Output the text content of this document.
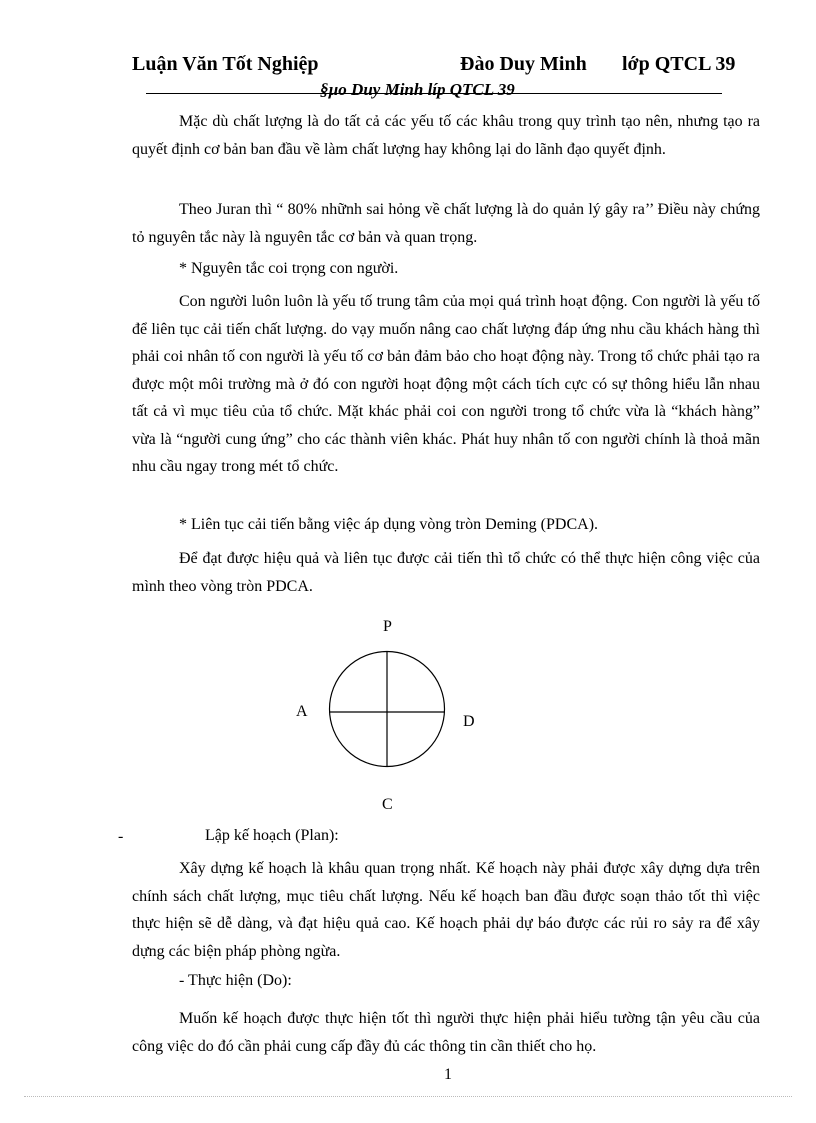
Luận Văn Tốt Nghiệp	Đào Duy Minh lớp QTCL 39
§µo Duy Minh líp QTCL 39

Mặc dù chất lượng là do tất cả các yếu tố các khâu trong quy trình tạo nên, nhưng tạo ra quyết định cơ bản ban đầu về làm chất lượng hay không lại do lãnh đạo quyết định.

Theo Juran thì “ 80% nhữnh sai hỏng về chất lượng là do quản lý gây ra’’ Điều này chứng tỏ nguyên tắc này là nguyên tắc cơ bản và quan trọng.

* Nguyên tắc coi trọng con người.

Con người luôn luôn là yếu tố trung tâm của mọi quá trình hoạt động. Con người là yếu tố để liên tục cải tiến chất lượng. do vạy muốn nâng cao chất lượng đáp ứng nhu cầu khách hàng thì phải coi nhân tố con người là yếu tố cơ bản đảm bảo cho hoạt động này. Trong tổ chức phải tạo ra được một môi trường mà ở đó con người hoạt động một cách tích cực có sự thông hiểu lẫn nhau tất cả vì mục tiêu của tổ chức. Mặt khác phải coi con người trong tổ chức vừa là “khách hàng” vừa là “người cung ứng” cho các thành viên khác. Phát huy nhân tố con người chính là thoả mãn nhu cầu ngay trong mét tổ chức.

* Liên tục cải tiến bằng việc áp dụng vòng tròn Deming (PDCA).

Để đạt được hiệu quả và liên tục được cải tiến thì tổ chức có thể thực hiện công việc của mình theo vòng tròn PDCA.

P
A
D
C
-	Lập kế hoạch (Plan):

Xây dựng kế hoạch là khâu quan trọng nhất. Kế hoạch này phải được xây dựng dựa trên chính sách chất lượng, mục tiêu chất lượng. Nếu kế hoạch ban đầu được soạn thảo tốt thì việc thực hiện sẽ dễ dàng, và đạt hiệu quả cao. Kế hoạch phải dự báo được các rủi ro sảy ra để xây dựng các biện pháp phòng ngừa.

- Thực hiện (Do):

Muốn kế hoạch được thực hiện tốt thì người thực hiện phải hiểu tường tận yêu cầu của công việc do đó cần phải cung cấp đầy đủ các thông tin cần thiết cho họ.

1
